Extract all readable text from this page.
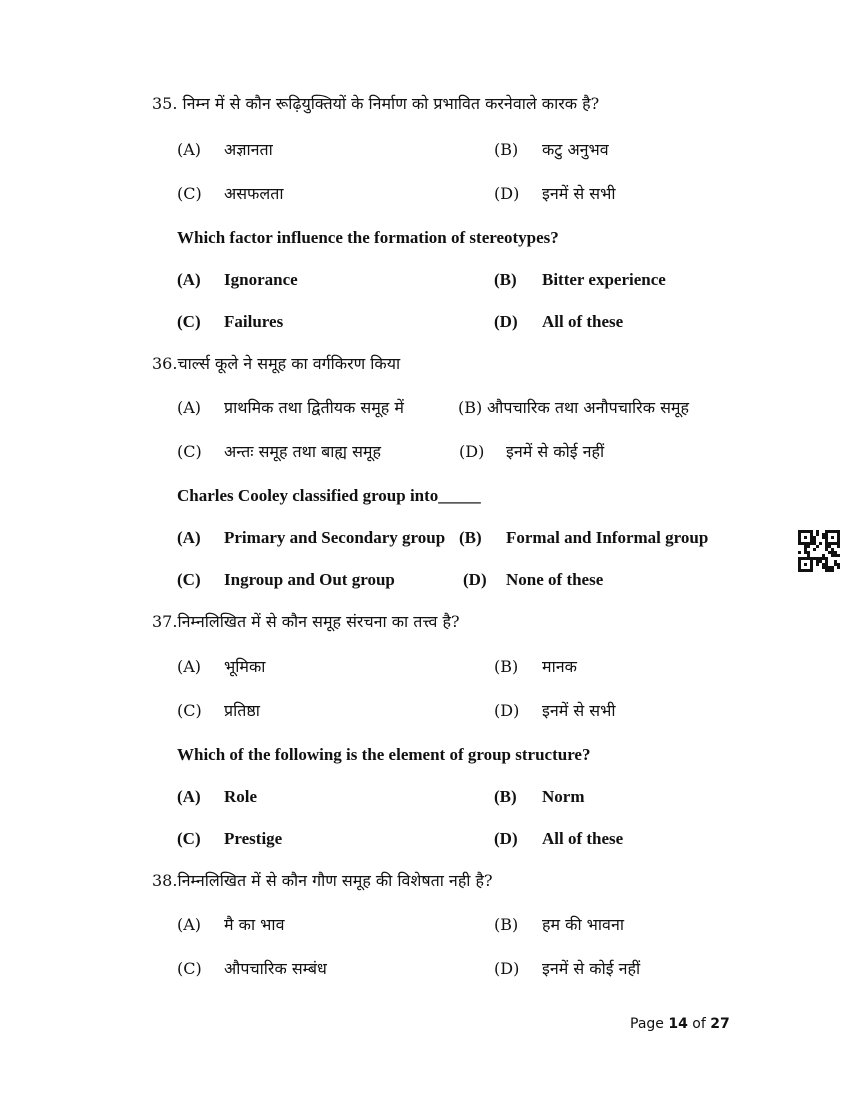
35. निम्न में से कौन रूढ़ियुक्तियों के निर्माण को प्रभावित करनेवाले कारक है?
(A) अज्ञानता	(B) कटु अनुभव
(C) असफलता	(D) इनमें से सभी
Which factor influence the formation of stereotypes?
(A) Ignorance	(B) Bitter experience
(C) Failures	(D) All of these
36.चार्ल्स कूले ने समूह का वर्गकिरण किया
(A) प्राथमिक तथा द्वितीयक समूह में	(B) औपचारिक तथा अनौपचारिक समूह
(C) अन्तः समूह तथा बाह्य समूह	(D) इनमें से कोई नहीं
Charles Cooley classified group into_____
(A) Primary and Secondary group (B) Formal and Informal group
(C) Ingroup and Out group	(D) None of these
37.निम्नलिखित में से कौन समूह संरचना का तत्त्व है?
(A) भूमिका	(B) मानक
(C) प्रतिष्ठा	(D) इनमें से सभी
Which of the following is the element of group structure?
(A) Role	(B) Norm
(C) Prestige	(D) All of these
38.निम्नलिखित में से कौन गौण समूह की विशेषता नही है?
(A) मै का भाव	(B) हम की भावना
(C) औपचारिक सम्बंध	(D) इनमें से कोई नहीं
Page 14 of 27
